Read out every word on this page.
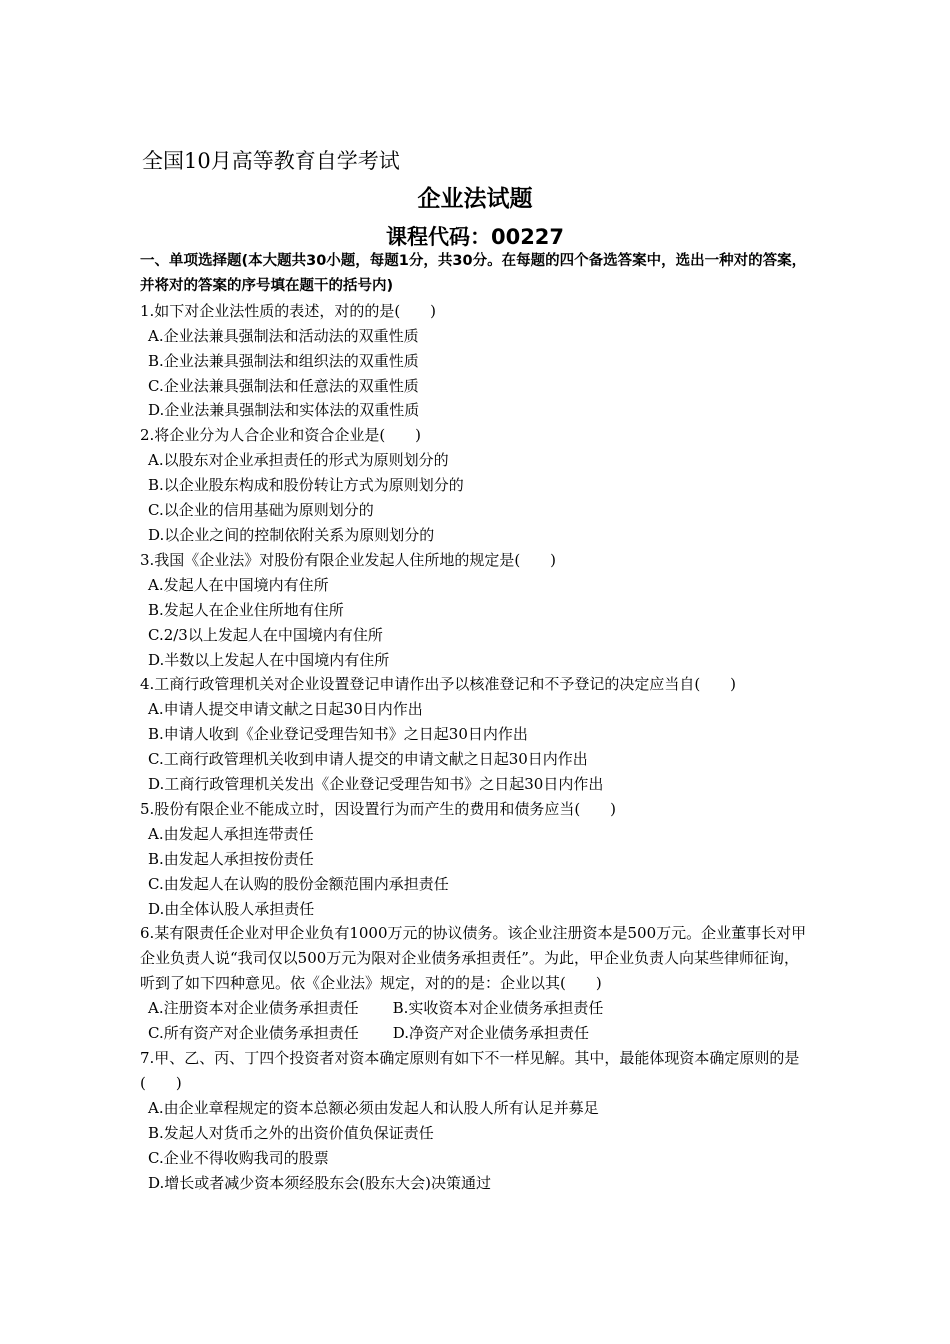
全国10月高等教育自学考试
企业法试题
课程代码：00227
一、单项选择题(本大题共30小题，每题1分，共30分。在每题的四个备选答案中，选出一种对的答案，并将对的答案的序号填在题干的括号内)
1.如下对企业法性质的表述，对的的是(　　)
A.企业法兼具强制法和活动法的双重性质
B.企业法兼具强制法和组织法的双重性质
C.企业法兼具强制法和任意法的双重性质
D.企业法兼具强制法和实体法的双重性质
2.将企业分为人合企业和资合企业是(　　)
A.以股东对企业承担责任的形式为原则划分的
B.以企业股东构成和股份转让方式为原则划分的
C.以企业的信用基础为原则划分的
D.以企业之间的控制依附关系为原则划分的
3.我国《企业法》对股份有限企业发起人住所地的规定是(　　)
A.发起人在中国境内有住所
B.发起人在企业住所地有住所
C.2/3以上发起人在中国境内有住所
D.半数以上发起人在中国境内有住所
4.工商行政管理机关对企业设置登记申请作出予以核准登记和不予登记的决定应当自(　　)
A.申请人提交申请文献之日起30日内作出
B.申请人收到《企业登记受理告知书》之日起30日内作出
C.工商行政管理机关收到申请人提交的申请文献之日起30日内作出
D.工商行政管理机关发出《企业登记受理告知书》之日起30日内作出
5.股份有限企业不能成立时，因设置行为而产生的费用和债务应当(　　)
A.由发起人承担连带责任
B.由发起人承担按份责任
C.由发起人在认购的股份金额范围内承担责任
D.由全体认股人承担责任
6.某有限责任企业对甲企业负有1000万元的协议债务。该企业注册资本是500万元。企业董事长对甲企业负责人说“我司仅以500万元为限对企业债务承担责任”。为此，甲企业负责人向某些律师征询，听到了如下四种意见。依《企业法》规定，对的的是：企业以其(　　)
A.注册资本对企业债务承担责任 B.实收资本对企业债务承担责任
C.所有资产对企业债务承担责任 D.净资产对企业债务承担责任
7.甲、乙、丙、丁四个投资者对资本确定原则有如下不一样见解。其中，最能体现资本确定原则的是(　　)
A.由企业章程规定的资本总额必须由发起人和认股人所有认足并募足
B.发起人对货币之外的出资价值负保证责任
C.企业不得收购我司的股票
D.增长或者减少资本须经股东会(股东大会)决策通过
